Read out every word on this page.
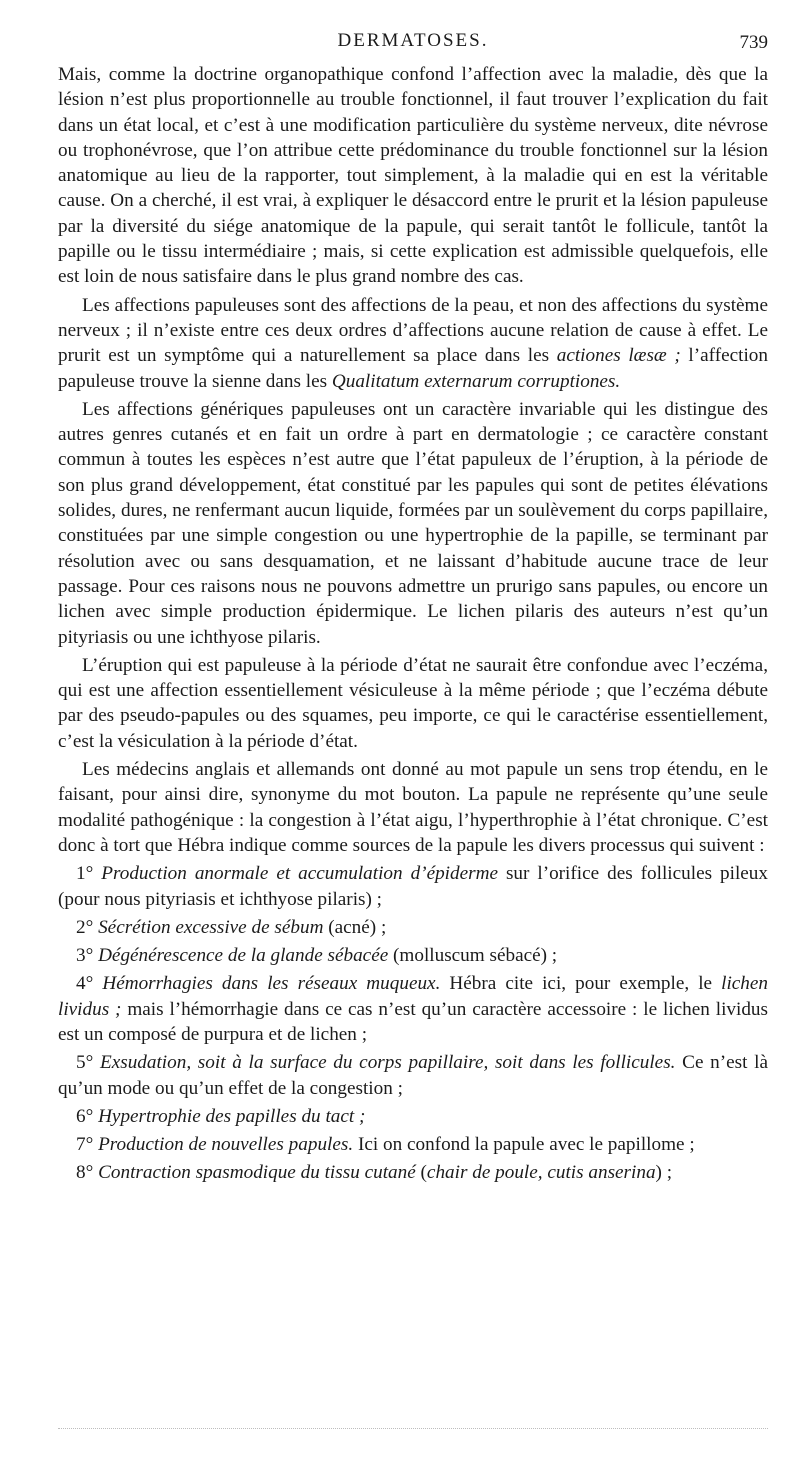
DERMATOSES.	739

Mais, comme la doctrine organopathique confond l’affection avec la maladie, dès que la lésion n’est plus proportionnelle au trouble fonctionnel, il faut trouver l’explication du fait dans un état local, et c’est à une modification particulière du système nerveux, dite névrose ou trophonévrose, que l’on attribue cette prédominance du trouble fonctionnel sur la lésion anatomique au lieu de la rapporter, tout simplement, à la maladie qui en est la véritable cause. On a cherché, il est vrai, à expliquer le désaccord entre le prurit et la lésion papuleuse par la diversité du siége anatomique de la papule, qui serait tantôt le follicule, tantôt la papille ou le tissu intermédiaire ; mais, si cette explication est admissible quelquefois, elle est loin de nous satisfaire dans le plus grand nombre des cas.

Les affections papuleuses sont des affections de la peau, et non des affections du système nerveux ; il n’existe entre ces deux ordres d’affections aucune relation de cause à effet. Le prurit est un symptôme qui a naturellement sa place dans les actiones læsæ ; l’affection papuleuse trouve la sienne dans les Qualitatum externarum corruptiones.

Les affections génériques papuleuses ont un caractère invariable qui les distingue des autres genres cutanés et en fait un ordre à part en dermatologie ; ce caractère constant commun à toutes les espèces n’est autre que l’état papuleux de l’éruption, à la période de son plus grand développement, état constitué par les papules qui sont de petites élévations solides, dures, ne renfermant aucun liquide, formées par un soulèvement du corps papillaire, constituées par une simple congestion ou une hypertrophie de la papille, se terminant par résolution avec ou sans desquamation, et ne laissant d’habitude aucune trace de leur passage. Pour ces raisons nous ne pouvons admettre un prurigo sans papules, ou encore un lichen avec simple production épidermique. Le lichen pilaris des auteurs n’est qu’un pityriasis ou une ichthyose pilaris.

L’éruption qui est papuleuse à la période d’état ne saurait être confondue avec l’eczéma, qui est une affection essentiellement vésiculeuse à la même période ; que l’eczéma débute par des pseudo-papules ou des squames, peu importe, ce qui le caractérise essentiellement, c’est la vésiculation à la période d’état.

Les médecins anglais et allemands ont donné au mot papule un sens trop étendu, en le faisant, pour ainsi dire, synonyme du mot bouton. La papule ne représente qu’une seule modalité pathogénique : la congestion à l’état aigu, l’hyperthrophie à l’état chronique. C’est donc à tort que Hébra indique comme sources de la papule les divers processus qui suivent :

1° Production anormale et accumulation d’épiderme sur l’orifice des follicules pileux (pour nous pityriasis et ichthyose pilaris) ;

2° Sécrétion excessive de sébum (acné) ;

3° Dégénérescence de la glande sébacée (molluscum sébacé) ;

4° Hémorrhagies dans les réseaux muqueux. Hébra cite ici, pour exemple, le lichen lividus ; mais l’hémorrhagie dans ce cas n’est qu’un caractère accessoire : le lichen lividus est un composé de purpura et de lichen ;

5° Exsudation, soit à la surface du corps papillaire, soit dans les follicules. Ce n’est là qu’un mode ou qu’un effet de la congestion ;

6° Hypertrophie des papilles du tact ;

7° Production de nouvelles papules. Ici on confond la papule avec le papillome ;

8° Contraction spasmodique du tissu cutané (chair de poule, cutis anserina) ;
